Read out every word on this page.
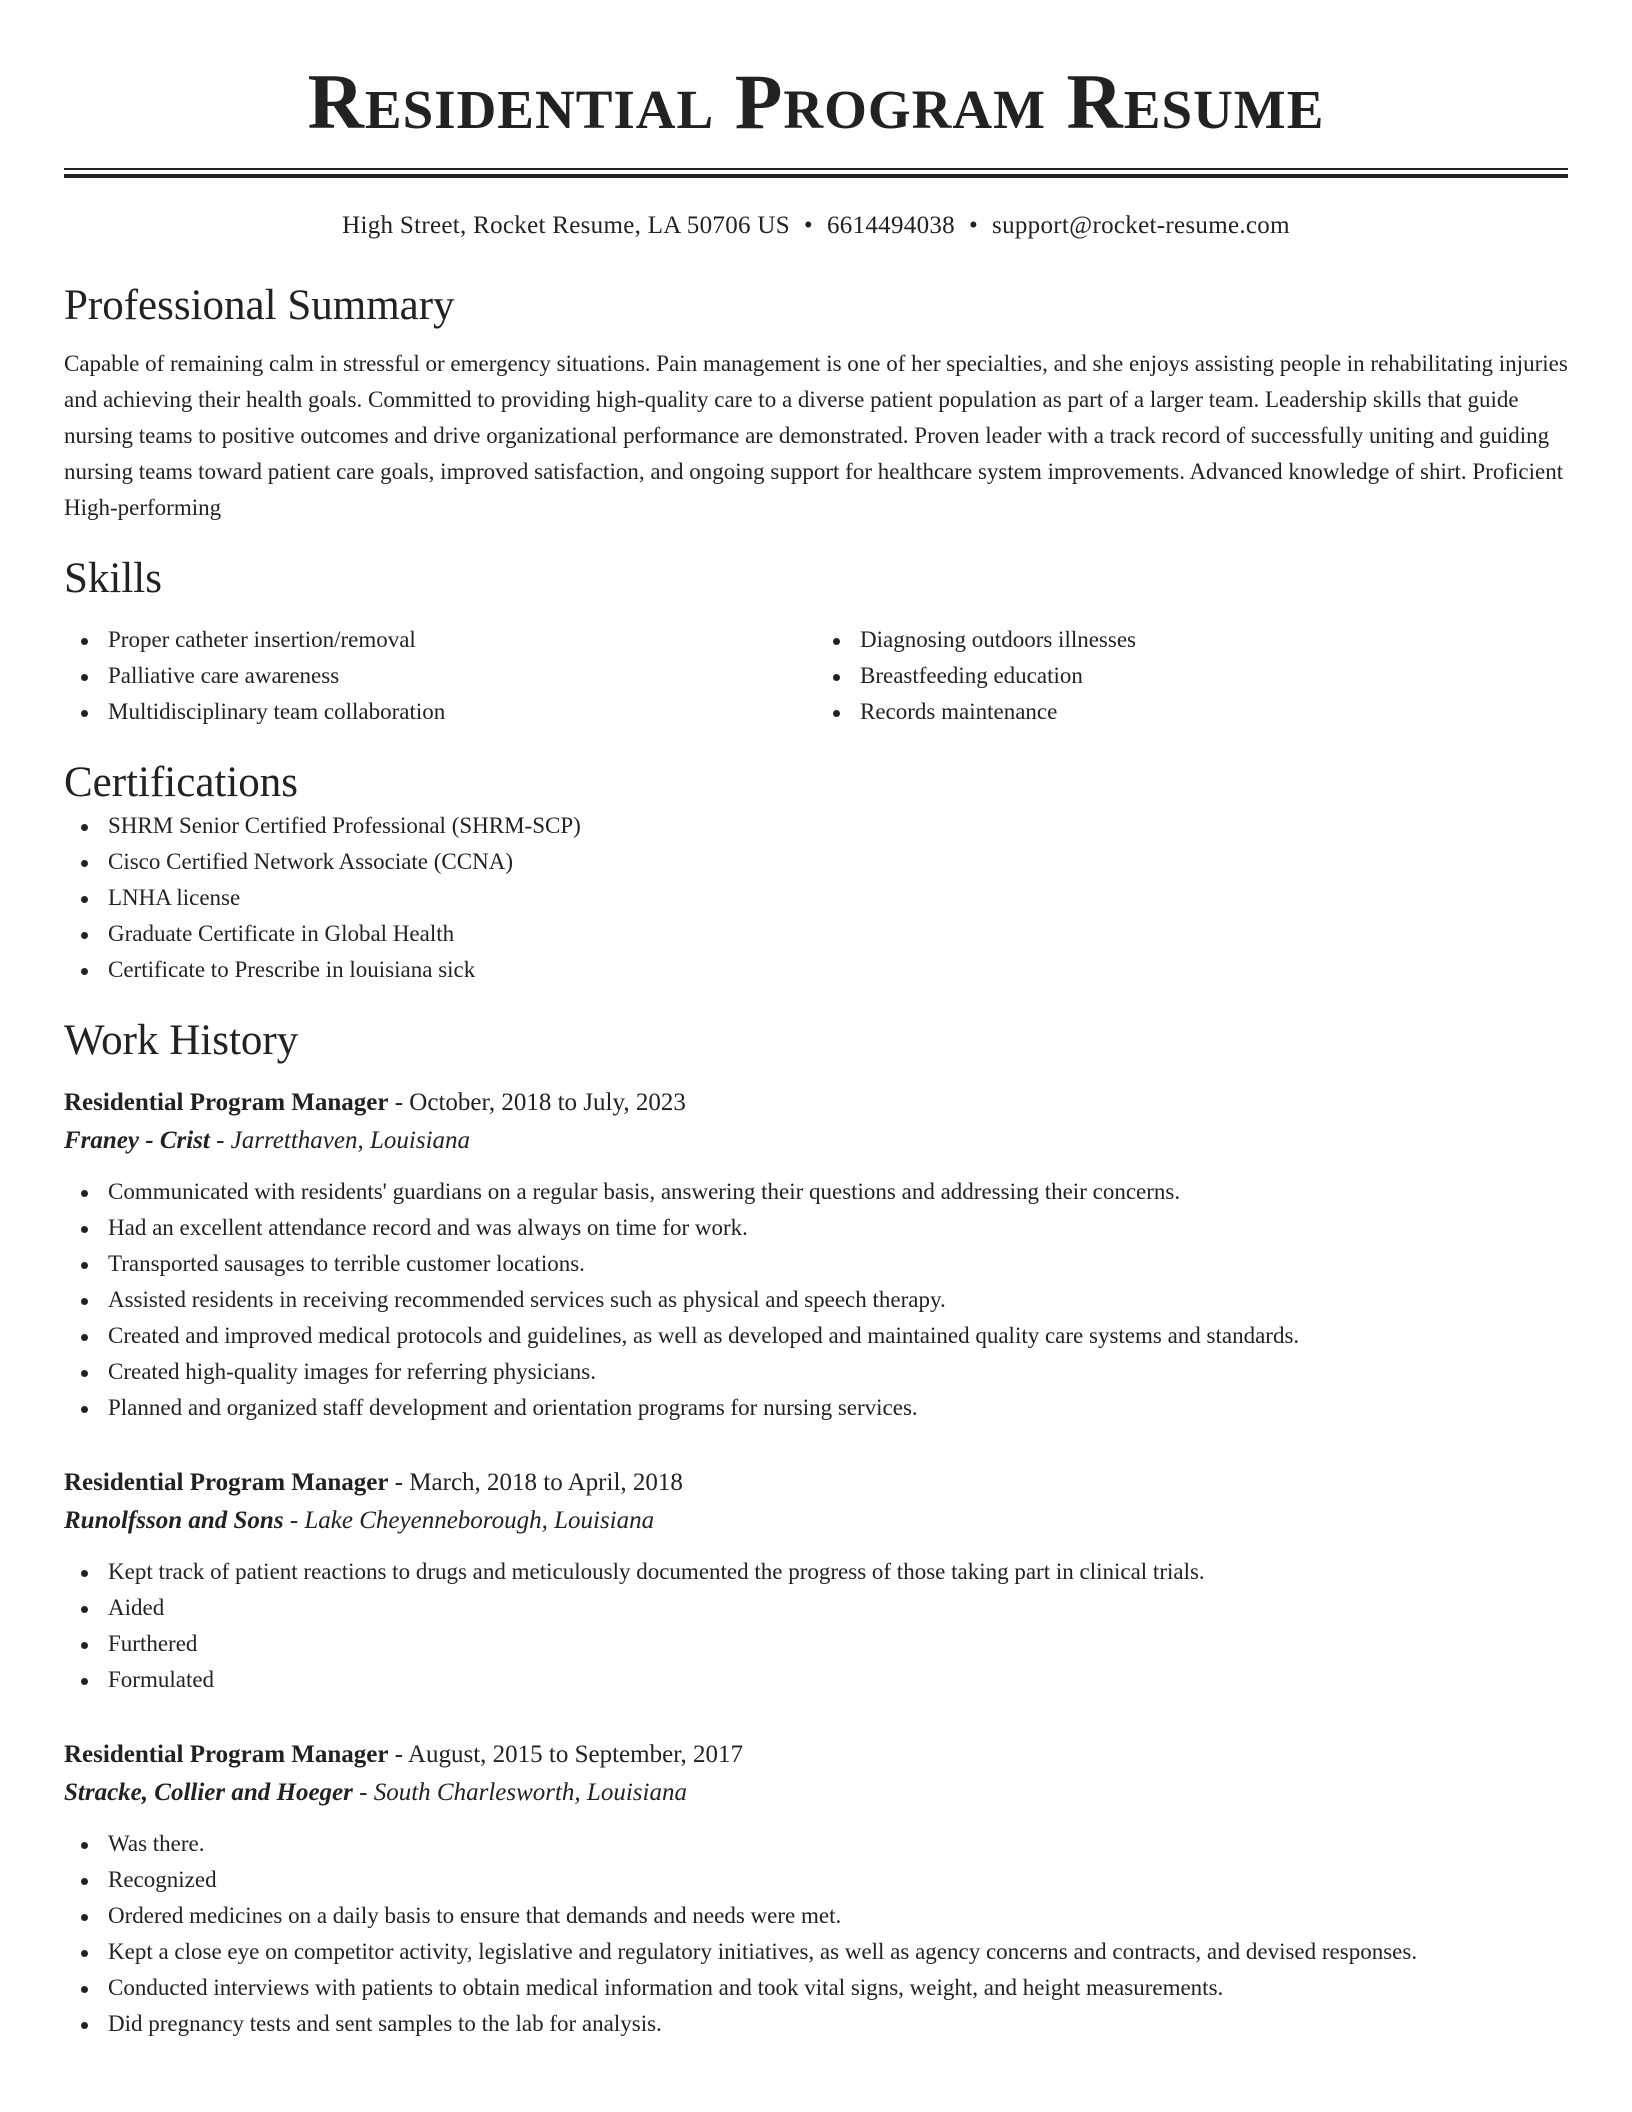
Residential Program Resume
High Street, Rocket Resume, LA 50706 US • 6614494038 • support@rocket-resume.com
Professional Summary

Capable of remaining calm in stressful or emergency situations. Pain management is one of her specialties, and she enjoys assisting people in rehabilitating injuries and achieving their health goals. Committed to providing high-quality care to a diverse patient population as part of a larger team. Leadership skills that guide nursing teams to positive outcomes and drive organizational performance are demonstrated. Proven leader with a track record of successfully uniting and guiding nursing teams toward patient care goals, improved satisfaction, and ongoing support for healthcare system improvements. Advanced knowledge of shirt. Proficient High-performing

Skills
Proper catheter insertion/removal
Palliative care awareness
Multidisciplinary team collaboration
Diagnosing outdoors illnesses
Breastfeeding education
Records maintenance
Certifications
SHRM Senior Certified Professional (SHRM-SCP)
Cisco Certified Network Associate (CCNA)
LNHA license
Graduate Certificate in Global Health
Certificate to Prescribe in louisiana sick
Work History
Residential Program Manager - October, 2018 to July, 2023
Franey - Crist - Jarretthaven, Louisiana
Communicated with residents' guardians on a regular basis, answering their questions and addressing their concerns.
Had an excellent attendance record and was always on time for work.
Transported sausages to terrible customer locations.
Assisted residents in receiving recommended services such as physical and speech therapy.
Created and improved medical protocols and guidelines, as well as developed and maintained quality care systems and standards.
Created high-quality images for referring physicians.
Planned and organized staff development and orientation programs for nursing services.
Residential Program Manager - March, 2018 to April, 2018
Runolfsson and Sons - Lake Cheyenneborough, Louisiana
Kept track of patient reactions to drugs and meticulously documented the progress of those taking part in clinical trials.
Aided
Furthered
Formulated
Residential Program Manager - August, 2015 to September, 2017
Stracke, Collier and Hoeger - South Charlesworth, Louisiana
Was there.
Recognized
Ordered medicines on a daily basis to ensure that demands and needs were met.
Kept a close eye on competitor activity, legislative and regulatory initiatives, as well as agency concerns and contracts, and devised responses.
Conducted interviews with patients to obtain medical information and took vital signs, weight, and height measurements.
Did pregnancy tests and sent samples to the lab for analysis.
